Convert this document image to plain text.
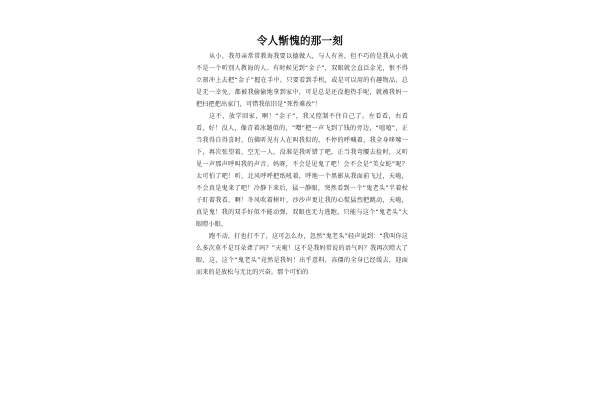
令人惭愧的那一刻

从小，我母亲常常教诲我要以德做人，与人有善，但不巧的是我从小就不是一个听别人教诲的人。有时候见到“金子”，双眼就会直泛金光，恨不得立刻冲上去把“金子”握在手中。只要看到手机，或是可以用的有趣物品，总是无一幸免，都被我偷偷地拿到家中，可是总是还没抱热手呢，就被我妈一把扫把把出家门，可惜我依旧是“死性难改”！

这不，放学回家，啊！“金子”，我又控制不住自己了。左看看，右看看，好！没人，像青着冰题似的，“噌”把一声飞到了钱的旁边，“嘻嘻”，正当我得自得喜时，仿佛听见有人在叫我似的，不停的呼喊着，我全身哆嗦一下，再次张望着，空无一人，没准是我听错了吧，正当我弯腰去捡时，又听见一声那声呼叫我的声音。妈呀，不会是见鬼了吧！会不会是“美女蛇”呢？太可怕了吧！听，北风呼呼把纸吼着，呼地一个黑影从我面前飞过，天啦，不会真是鬼来了吧！冷静下来后，猛一静眼，突然看到一个“鬼老头”半着杖子盯着我看，啊！冬风吹着树叶，沙沙声更让我的心慌猛烈把跳动，天啦，真是鬼！我的双手好似不能动弹，双眼也无力逃跑，只能与这个“鬼老头”大眼瞪小眼。

跑不动，打也打不了，这可怎么办，忽然“鬼老头”轻声说到：“我叫你这么多次莫不是耳朵聋了吗？”天啦！这不是我妈常说的语气吗？我再次瞪大了眼，这，这个“鬼老头”竟然是我妈！出乎意料，冻僵的全身已经缓去，迎面而来的是放松与无比的兴奋。那个可怕的
